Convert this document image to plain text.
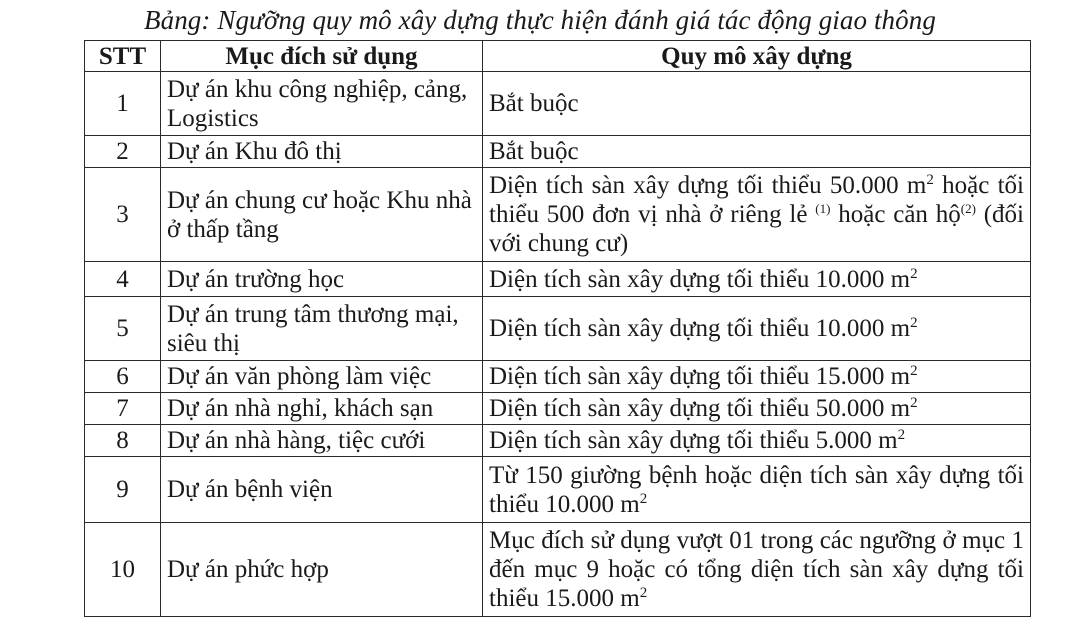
Bảng: Ngưỡng quy mô xây dựng thực hiện đánh giá tác động giao thông
STT	Mục đích sử dụng	Quy mô xây dựng
1	Dự án khu công nghiệp, cảng, Logistics	Bắt buộc
2	Dự án Khu đô thị	Bắt buộc
3	Dự án chung cư hoặc Khu nhà ở thấp tầng	Diện tích sàn xây dựng tối thiểu 50.000 $m^2$ hoặc tối thiểu 500 đơn vị nhà ở riêng lẻ $^{(1)}$ hoặc căn hộ$^{(2)}$ (đối với chung cư)
4	Dự án trường học	Diện tích sàn xây dựng tối thiểu 10.000 $m^2$
5	Dự án trung tâm thương mại, siêu thị	Diện tích sàn xây dựng tối thiểu 10.000 $m^2$
6	Dự án văn phòng làm việc	Diện tích sàn xây dựng tối thiểu 15.000 $m^2$
7	Dự án nhà nghỉ, khách sạn	Diện tích sàn xây dựng tối thiểu 50.000 $m^2$
8	Dự án nhà hàng, tiệc cưới	Diện tích sàn xây dựng tối thiểu 5.000 $m^2$
9	Dự án bệnh viện	Từ 150 giường bệnh hoặc diện tích sàn xây dựng tối thiểu 10.000 $m^2$
10	Dự án phức hợp	Mục đích sử dụng vượt 01 trong các ngưỡng ở mục 1 đến mục 9 hoặc có tổng diện tích sàn xây dựng tối thiểu 15.000 $m^2$
